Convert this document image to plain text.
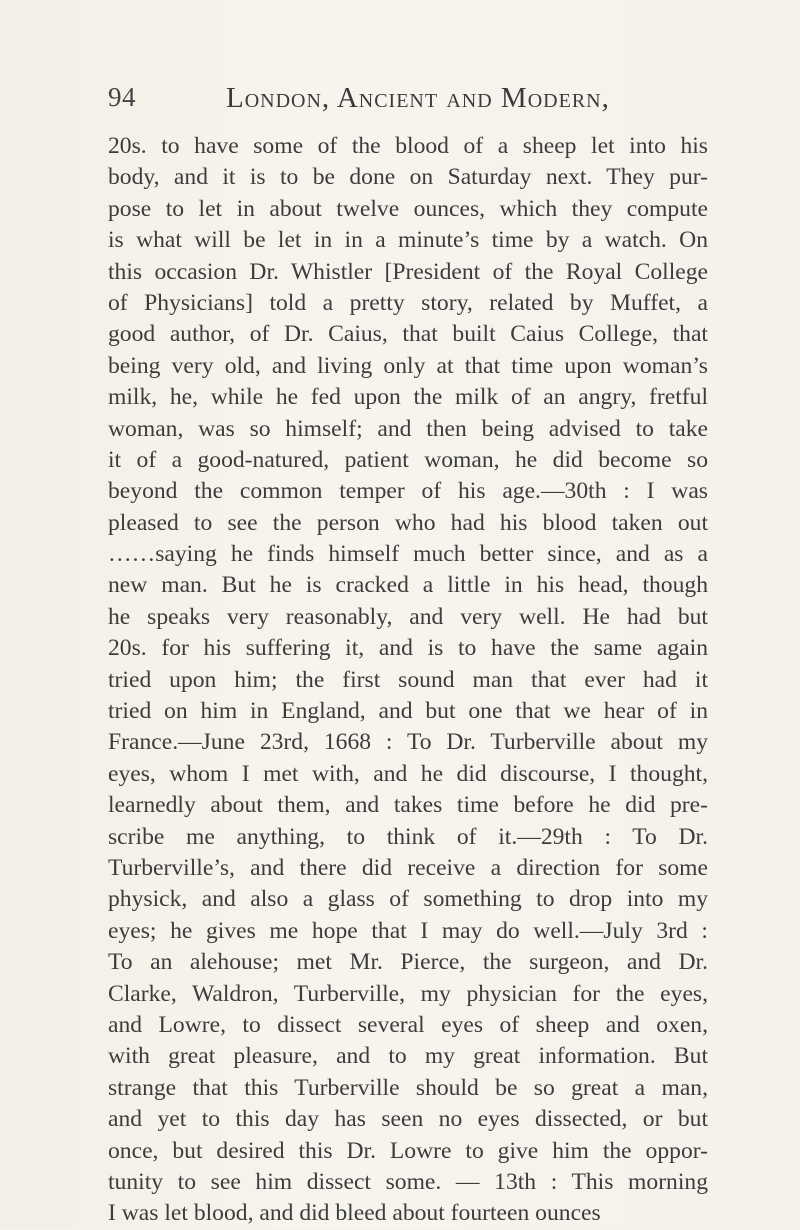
94	London, Ancient and Modern,
20s. to have some of the blood of a sheep let into his
body, and it is to be done on Saturday next. They pur-
pose to let in about twelve ounces, which they compute
is what will be let in in a minute’s time by a watch. On
this occasion Dr. Whistler [President of the Royal College
of Physicians] told a pretty story, related by Muffet, a
good author, of Dr. Caius, that built Caius College, that
being very old, and living only at that time upon woman’s
milk, he, while he fed upon the milk of an angry, fretful
woman, was so himself; and then being advised to take
it of a good-natured, patient woman, he did become so
beyond the common temper of his age.—30th : I was
pleased to see the person who had his blood taken out
……saying he finds himself much better since, and as a
new man. But he is cracked a little in his head, though
he speaks very reasonably, and very well. He had but
20s. for his suffering it, and is to have the same again
tried upon him; the first sound man that ever had it
tried on him in England, and but one that we hear of in
France.—June 23rd, 1668 : To Dr. Turberville about my
eyes, whom I met with, and he did discourse, I thought,
learnedly about them, and takes time before he did pre-
scribe me anything, to think of it.—29th : To Dr.
Turberville’s, and there did receive a direction for some
physick, and also a glass of something to drop into my
eyes; he gives me hope that I may do well.—July 3rd :
To an alehouse; met Mr. Pierce, the surgeon, and Dr.
Clarke, Waldron, Turberville, my physician for the eyes,
and Lowre, to dissect several eyes of sheep and oxen,
with great pleasure, and to my great information. But
strange that this Turberville should be so great a man,
and yet to this day has seen no eyes dissected, or but
once, but desired this Dr. Lowre to give him the oppor-
tunity to see him dissect some. — 13th : This morning
I was let blood, and did bleed about fourteen ounces
